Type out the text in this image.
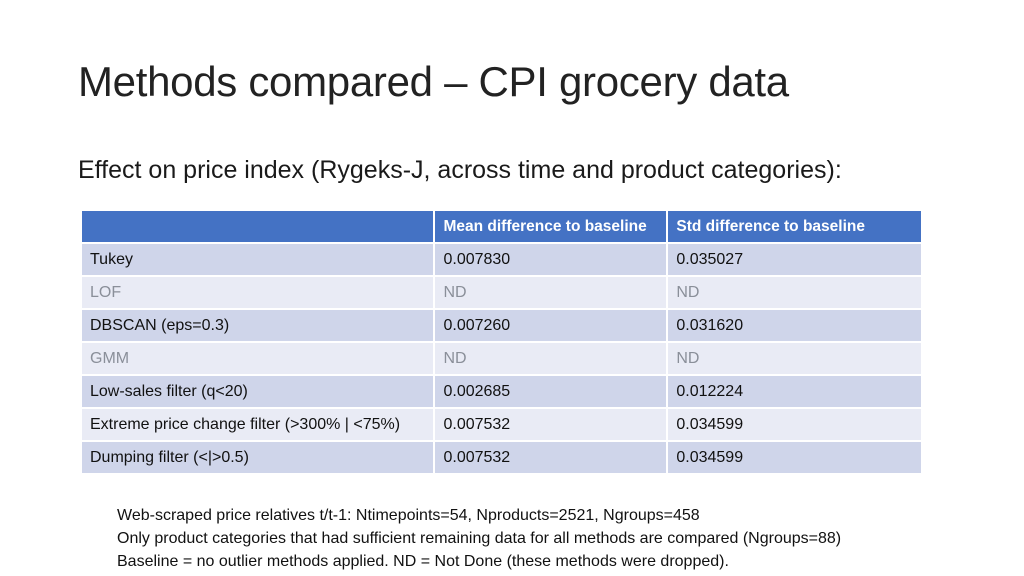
Methods compared – CPI grocery data
Effect on price index (Rygeks-J, across time and product categories):
	Mean difference to baseline	Std difference to baseline
Tukey	0.007830	0.035027
LOF	ND	ND
DBSCAN (eps=0.3)	0.007260	0.031620
GMM	ND	ND
Low-sales filter (q<20)	0.002685	0.012224
Extreme price change filter (>300% | <75%)	0.007532	0.034599
Dumping filter (<|>0.5)	0.007532	0.034599
Web-scraped price relatives t/t-1: Ntimepoints=54, Nproducts=2521, Ngroups=458
Only product categories that had sufficient remaining data for all methods are compared (Ngroups=88)
Baseline = no outlier methods applied. ND = Not Done (these methods were dropped).
